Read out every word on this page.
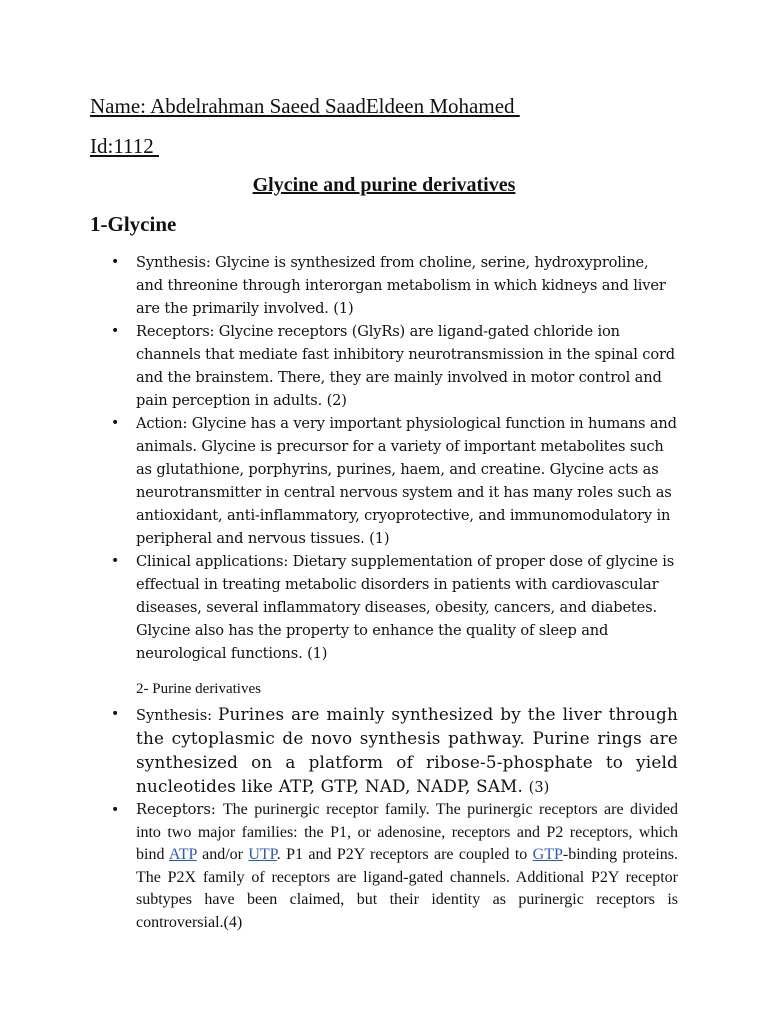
Name: Abdelrahman Saeed SaadEldeen Mohamed

Id:1112

Glycine and purine derivatives
1-Glycine
• Synthesis: Glycine is synthesized from choline, serine, hydroxyproline, and threonine through interorgan metabolism in which kidneys and liver are the primarily involved. (1)
• Receptors: Glycine receptors (GlyRs) are ligand-gated chloride ion channels that mediate fast inhibitory neurotransmission in the spinal cord and the brainstem. There, they are mainly involved in motor control and pain perception in adults. (2)
• Action: Glycine has a very important physiological function in humans and animals. Glycine is precursor for a variety of important metabolites such as glutathione, porphyrins, purines, haem, and creatine. Glycine acts as neurotransmitter in central nervous system and it has many roles such as antioxidant, anti-inflammatory, cryoprotective, and immunomodulatory in peripheral and nervous tissues. (1)
• Clinical applications: Dietary supplementation of proper dose of glycine is effectual in treating metabolic disorders in patients with cardiovascular diseases, several inflammatory diseases, obesity, cancers, and diabetes. Glycine also has the property to enhance the quality of sleep and neurological functions. (1)

2- Purine derivatives

• Synthesis: Purines are mainly synthesized by the liver through the cytoplasmic de novo synthesis pathway. Purine rings are synthesized on a platform of ribose-5-phosphate to yield nucleotides like ATP, GTP, NAD, NADP, SAM. (3)
• Receptors: The purinergic receptor family. The purinergic receptors are divided into two major families: the P1, or adenosine, receptors and P2 receptors, which bind ATP and/or UTP. P1 and P2Y receptors are coupled to GTP-binding proteins. The P2X family of receptors are ligand-gated channels. Additional P2Y receptor subtypes have been claimed, but their identity as purinergic receptors is controversial.(4)
